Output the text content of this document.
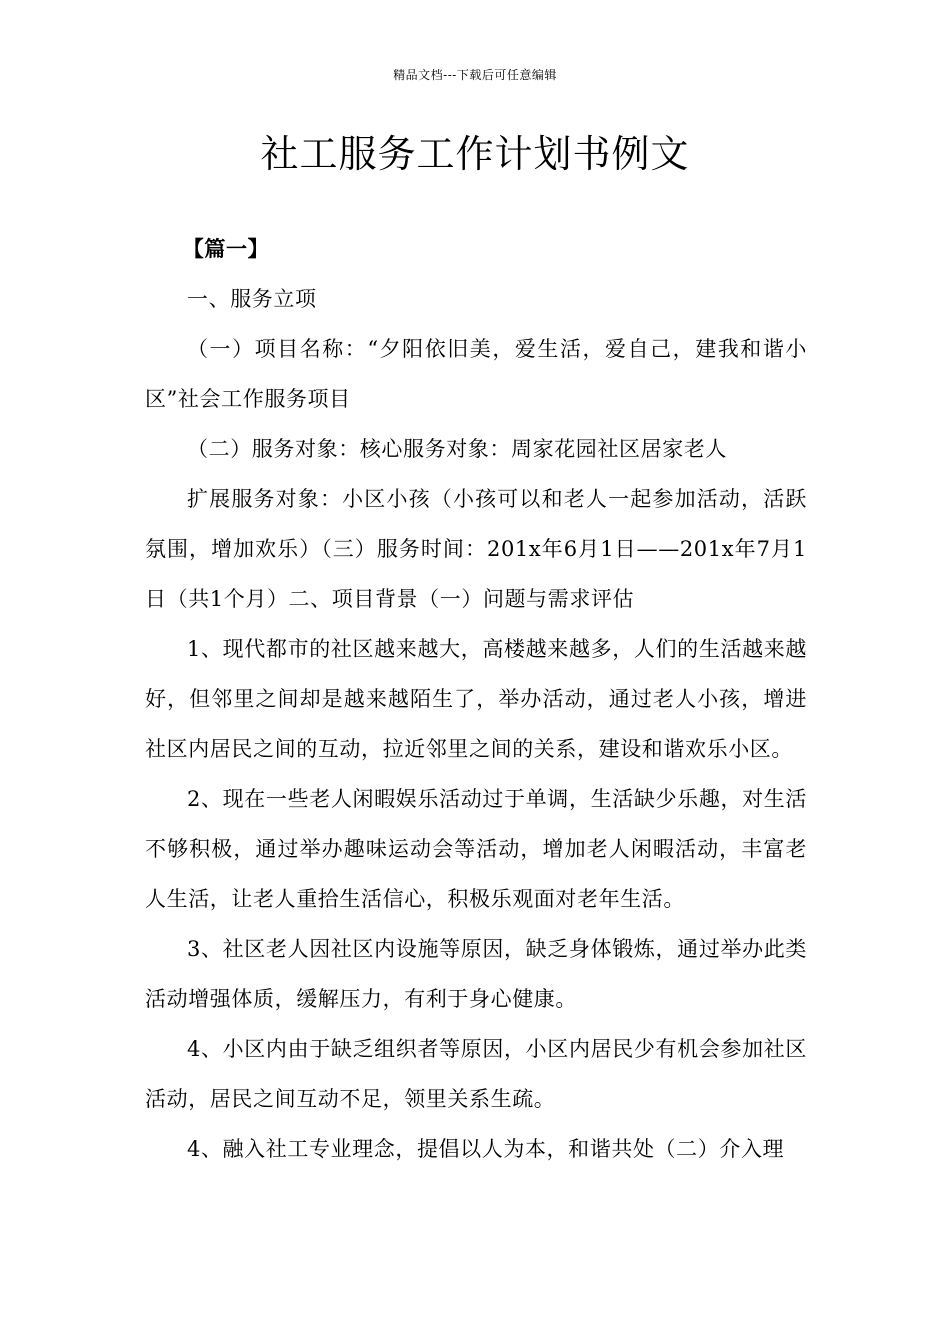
精品文档---下载后可任意编辑
社工服务工作计划书例文

【篇一】

一、服务立项

（一）项目名称：“夕阳依旧美，爱生活，爱自己，建我和谐小区”社会工作服务项目

（二）服务对象：核心服务对象：周家花园社区居家老人

扩展服务对象：小区小孩（小孩可以和老人一起参加活动，活跃氛围，增加欢乐）（三）服务时间：201x年6月1日——201x年7月1日（共1个月）二、项目背景（一）问题与需求评估

1、现代都市的社区越来越大，高楼越来越多，人们的生活越来越好，但邻里之间却是越来越陌生了，举办活动，通过老人小孩，增进社区内居民之间的互动，拉近邻里之间的关系，建设和谐欢乐小区。

2、现在一些老人闲暇娱乐活动过于单调，生活缺少乐趣，对生活不够积极，通过举办趣味运动会等活动，增加老人闲暇活动，丰富老人生活，让老人重拾生活信心，积极乐观面对老年生活。

3、社区老人因社区内设施等原因，缺乏身体锻炼，通过举办此类活动增强体质，缓解压力，有利于身心健康。

4、小区内由于缺乏组织者等原因，小区内居民少有机会参加社区活动，居民之间互动不足，领里关系生疏。

4、融入社工专业理念，提倡以人为本，和谐共处（二）介入理
